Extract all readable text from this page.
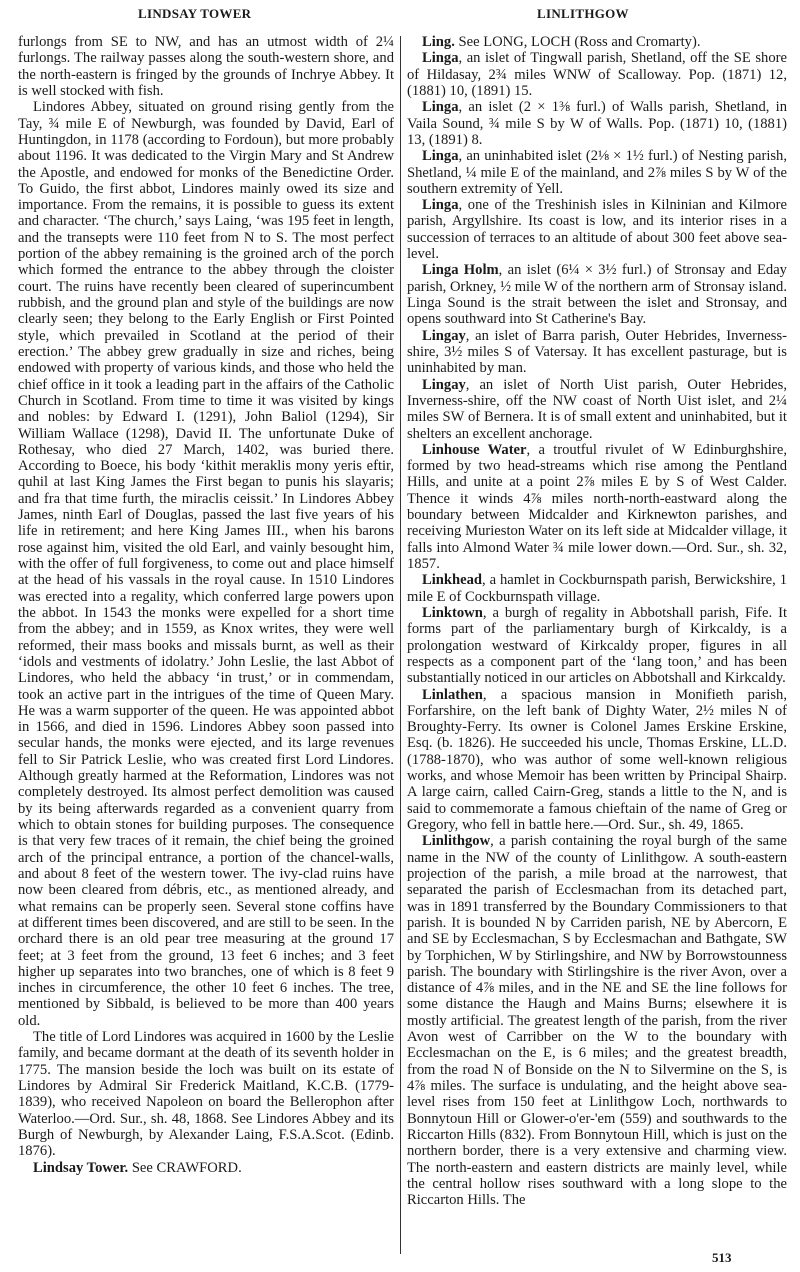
LINDSAY TOWER	LINLITHGOW

furlongs from SE to NW, and has an utmost width of 2¼ furlongs. The railway passes along the south-western shore, and the north-eastern is fringed by the grounds of Inchrye Abbey. It is well stocked with fish.

Lindores Abbey, situated on ground rising gently from the Tay, ¾ mile E of Newburgh, was founded by David, Earl of Huntingdon, in 1178 (according to Fordoun), but more probably about 1196. It was dedicated to the Virgin Mary and St Andrew the Apostle, and endowed for monks of the Benedictine Order. To Guido, the first abbot, Lindores mainly owed its size and importance. From the remains, it is possible to guess its extent and character. ‘The church,’ says Laing, ‘was 195 feet in length, and the transepts were 110 feet from N to S. The most perfect portion of the abbey remaining is the groined arch of the porch which formed the entrance to the abbey through the cloister court. The ruins have recently been cleared of superincumbent rubbish, and the ground plan and style of the buildings are now clearly seen; they belong to the Early English or First Pointed style, which prevailed in Scotland at the period of their erection.’ The abbey grew gradually in size and riches, being endowed with property of various kinds, and those who held the chief office in it took a leading part in the affairs of the Catholic Church in Scotland. From time to time it was visited by kings and nobles: by Edward I. (1291), John Baliol (1294), Sir William Wallace (1298), David II. The unfortunate Duke of Rothesay, who died 27 March, 1402, was buried there. According to Boece, his body ‘kithit meraklis mony yeris eftir, quhil at last King James the First began to punis his slayaris; and fra that time furth, the miraclis ceissit.’ In Lindores Abbey James, ninth Earl of Douglas, passed the last five years of his life in retirement; and here King James III., when his barons rose against him, visited the old Earl, and vainly besought him, with the offer of full forgiveness, to come out and place himself at the head of his vassals in the royal cause. In 1510 Lindores was erected into a regality, which conferred large powers upon the abbot. In 1543 the monks were expelled for a short time from the abbey; and in 1559, as Knox writes, they were well reformed, their mass books and missals burnt, as well as their ‘idols and vestments of idolatry.’ John Leslie, the last Abbot of Lindores, who held the abbacy ‘in trust,’ or in commendam, took an active part in the intrigues of the time of Queen Mary. He was a warm supporter of the queen. He was appointed abbot in 1566, and died in 1596. Lindores Abbey soon passed into secular hands, the monks were ejected, and its large revenues fell to Sir Patrick Leslie, who was created first Lord Lindores. Although greatly harmed at the Reformation, Lindores was not completely destroyed. Its almost perfect demolition was caused by its being afterwards regarded as a convenient quarry from which to obtain stones for building purposes. The consequence is that very few traces of it remain, the chief being the groined arch of the principal entrance, a portion of the chancel-walls, and about 8 feet of the western tower. The ivy-clad ruins have now been cleared from débris, etc., as mentioned already, and what remains can be properly seen. Several stone coffins have at different times been discovered, and are still to be seen. In the orchard there is an old pear tree measuring at the ground 17 feet; at 3 feet from the ground, 13 feet 6 inches; and 3 feet higher up separates into two branches, one of which is 8 feet 9 inches in circumference, the other 10 feet 6 inches. The tree, mentioned by Sibbald, is believed to be more than 400 years old.

The title of Lord Lindores was acquired in 1600 by the Leslie family, and became dormant at the death of its seventh holder in 1775. The mansion beside the loch was built on its estate of Lindores by Admiral Sir Frederick Maitland, K.C.B. (1779-1839), who received Napoleon on board the Bellerophon after Waterloo.—Ord. Sur., sh. 48, 1868. See Lindores Abbey and its Burgh of Newburgh, by Alexander Laing, F.S.A.Scot. (Edinb. 1876).

Lindsay Tower. See CRAWFORD.

Ling. See LONG, LOCH (Ross and Cromarty).

Linga, an islet of Tingwall parish, Shetland, off the SE shore of Hildasay, 2¾ miles WNW of Scalloway. Pop. (1871) 12, (1881) 10, (1891) 15.

Linga, an islet (2 × 1⅜ furl.) of Walls parish, Shetland, in Vaila Sound, ¾ mile S by W of Walls. Pop. (1871) 10, (1881) 13, (1891) 8.

Linga, an uninhabited islet (2⅛ × 1½ furl.) of Nesting parish, Shetland, ¼ mile E of the mainland, and 2⅞ miles S by W of the southern extremity of Yell.

Linga, one of the Treshinish isles in Kilninian and Kilmore parish, Argyllshire. Its coast is low, and its interior rises in a succession of terraces to an altitude of about 300 feet above sea-level.

Linga Holm, an islet (6¼ × 3½ furl.) of Stronsay and Eday parish, Orkney, ½ mile W of the northern arm of Stronsay island. Linga Sound is the strait between the islet and Stronsay, and opens southward into St Catherine's Bay.

Lingay, an islet of Barra parish, Outer Hebrides, Inverness-shire, 3½ miles S of Vatersay. It has excellent pasturage, but is uninhabited by man.

Lingay, an islet of North Uist parish, Outer Hebrides, Inverness-shire, off the NW coast of North Uist islet, and 2¼ miles SW of Bernera. It is of small extent and uninhabited, but it shelters an excellent anchorage.

Linhouse Water, a troutful rivulet of W Edinburghshire, formed by two head-streams which rise among the Pentland Hills, and unite at a point 2⅞ miles E by S of West Calder. Thence it winds 4⅞ miles north-north-eastward along the boundary between Midcalder and Kirknewton parishes, and receiving Murieston Water on its left side at Midcalder village, it falls into Almond Water ¾ mile lower down.—Ord. Sur., sh. 32, 1857.

Linkhead, a hamlet in Cockburnspath parish, Berwickshire, 1 mile E of Cockburnspath village.

Linktown, a burgh of regality in Abbotshall parish, Fife. It forms part of the parliamentary burgh of Kirkcaldy, is a prolongation westward of Kirkcaldy proper, figures in all respects as a component part of the ‘lang toon,’ and has been substantially noticed in our articles on Abbotshall and Kirkcaldy.

Linlathen, a spacious mansion in Monifieth parish, Forfarshire, on the left bank of Dighty Water, 2½ miles N of Broughty-Ferry. Its owner is Colonel James Erskine Erskine, Esq. (b. 1826). He succeeded his uncle, Thomas Erskine, LL.D. (1788-1870), who was author of some well-known religious works, and whose Memoir has been written by Principal Shairp. A large cairn, called Cairn-Greg, stands a little to the N, and is said to commemorate a famous chieftain of the name of Greg or Gregory, who fell in battle here.—Ord. Sur., sh. 49, 1865.

Linlithgow, a parish containing the royal burgh of the same name in the NW of the county of Linlithgow. A south-eastern projection of the parish, a mile broad at the narrowest, that separated the parish of Ecclesmachan from its detached part, was in 1891 transferred by the Boundary Commissioners to that parish. It is bounded N by Carriden parish, NE by Abercorn, E and SE by Ecclesmachan, S by Ecclesmachan and Bathgate, SW by Torphichen, W by Stirlingshire, and NW by Borrowstounness parish. The boundary with Stirlingshire is the river Avon, over a distance of 4⅞ miles, and in the NE and SE the line follows for some distance the Haugh and Mains Burns; elsewhere it is mostly artificial. The greatest length of the parish, from the river Avon west of Carribber on the W to the boundary with Ecclesmachan on the E, is 6 miles; and the greatest breadth, from the road N of Bonside on the N to Silvermine on the S, is 4⅞ miles. The surface is undulating, and the height above sea-level rises from 150 feet at Linlithgow Loch, northwards to Bonnytoun Hill or Glower-o'er-'em (559) and southwards to the Riccarton Hills (832). From Bonnytoun Hill, which is just on the northern border, there is a very extensive and charming view. The north-eastern and eastern districts are mainly level, while the central hollow rises southward with a long slope to the Riccarton Hills. The

513
